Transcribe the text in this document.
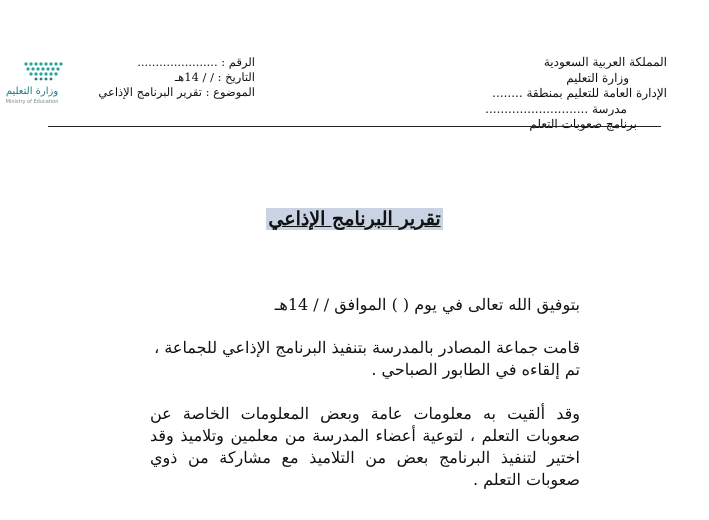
المملكة العربية السعودية
وزارة التعليم
الإدارة العامة للتعليم بمنطقة ........
مدرسة ...........................
برنامج صعوبات التعلم
الرقم : ......................
التاريخ : / / 14هـ
الموضوع : تقرير البرنامج الإذاعي
وزارة التعليم
Ministry of Education
تقرير البرنامج الإذاعي

بتوفيق الله تعالى في يوم ( ) الموافق / / 14هـ

قامت جماعة المصادر بالمدرسة بتنفيذ البرنامج الإذاعي للجماعة ، تم إلقاءه في الطابور الصباحي .

وقد ألقيت به معلومات عامة وبعض المعلومات الخاصة عن صعوبات التعلم ، لتوعية أعضاء المدرسة من معلمين وتلاميذ وقد اختير لتنفيذ البرنامج بعض من التلاميذ مع مشاركة من ذوي صعوبات التعلم .
